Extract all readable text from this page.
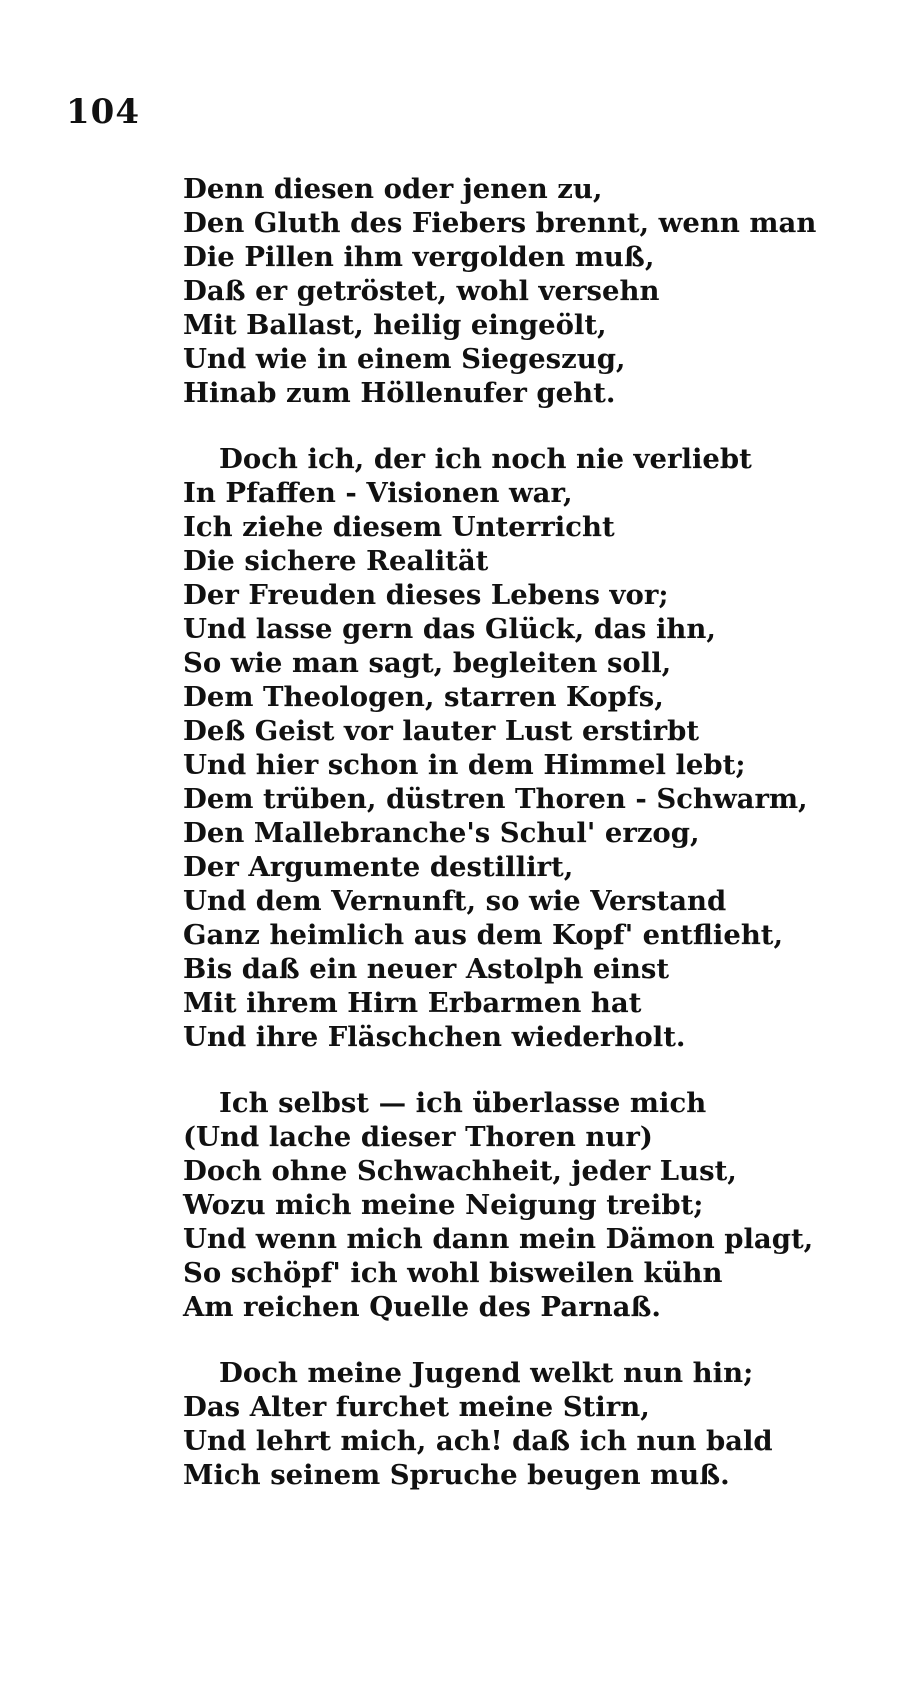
104
Denn diesen oder jenen zu,
Den Gluth des Fiebers brennt, wenn man
Die Pillen ihm vergolden muß,
Daß er getröstet, wohl versehn
Mit Ballast, heilig eingeölt,
Und wie in einem Siegeszug,
Hinab zum Höllenufer geht.
Doch ich, der ich noch nie verliebt
In Pfaffen - Visionen war,
Ich ziehe diesem Unterricht
Die sichere Realität
Der Freuden dieses Lebens vor;
Und lasse gern das Glück, das ihn,
So wie man sagt, begleiten soll,
Dem Theologen, starren Kopfs,
Deß Geist vor lauter Lust erstirbt
Und hier schon in dem Himmel lebt;
Dem trüben, düstren Thoren - Schwarm,
Den Mallebranche's Schul' erzog,
Der Argumente destillirt,
Und dem Vernunft, so wie Verstand
Ganz heimlich aus dem Kopf' entflieht,
Bis daß ein neuer Astolph einst
Mit ihrem Hirn Erbarmen hat
Und ihre Fläschchen wiederholt.
Ich selbst — ich überlasse mich
(Und lache dieser Thoren nur)
Doch ohne Schwachheit, jeder Lust,
Wozu mich meine Neigung treibt;
Und wenn mich dann mein Dämon plagt,
So schöpf' ich wohl bisweilen kühn
Am reichen Quelle des Parnaß.
Doch meine Jugend welkt nun hin;
Das Alter furchet meine Stirn,
Und lehrt mich, ach! daß ich nun bald
Mich seinem Spruche beugen muß.
